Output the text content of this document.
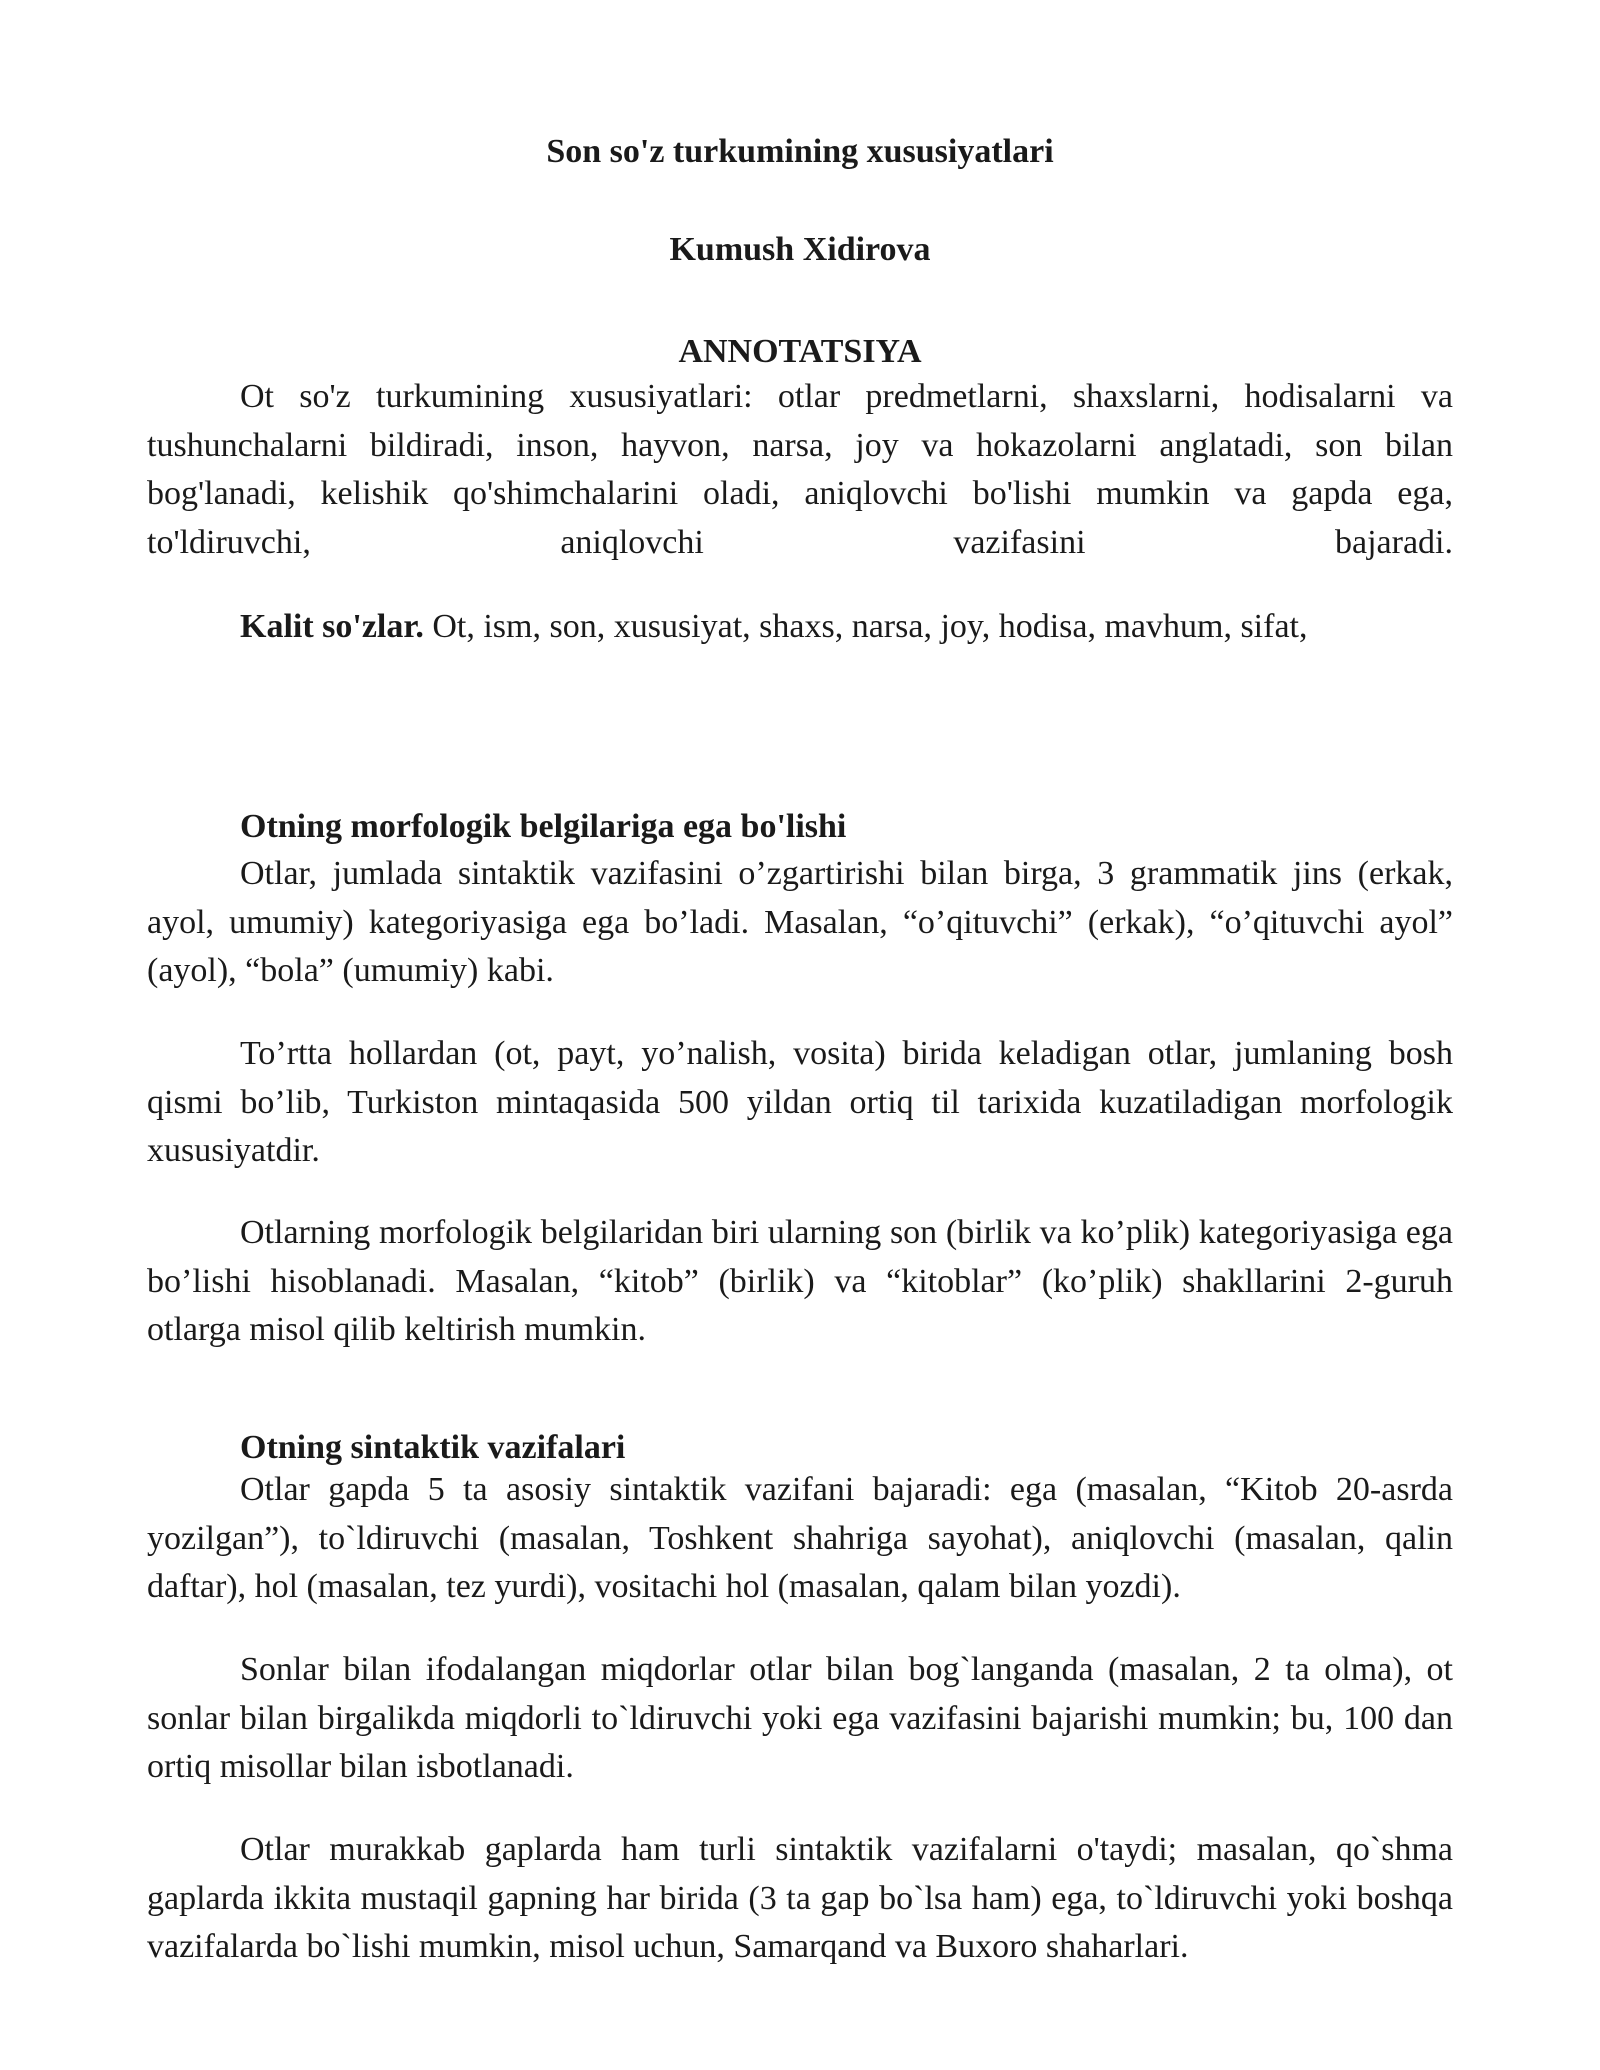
Son so'z turkumining xususiyatlari

Kumush Xidirova

ANNOTATSIYA

Ot so'z turkumining xususiyatlari: otlar predmetlarni, shaxslarni, hodisalarni va tushunchalarni bildiradi, inson, hayvon, narsa, joy va hokazolarni anglatadi, son bilan bog'lanadi, kelishik qo'shimchalarini oladi, aniqlovchi bo'lishi mumkin va gapda ega, to'ldiruvchi, aniqlovchi vazifasini bajaradi.

Kalit so'zlar. Ot, ism, son, xususiyat, shaxs, narsa, joy, hodisa, mavhum, sifat,

Otning morfologik belgilariga ega bo'lishi

Otlar, jumlada sintaktik vazifasini o’zgartirishi bilan birga, 3 grammatik jins (erkak, ayol, umumiy) kategoriyasiga ega bo’ladi. Masalan, “o’qituvchi” (erkak), “o’qituvchi ayol” (ayol), “bola” (umumiy) kabi.

To’rtta hollardan (ot, payt, yo’nalish, vosita) birida keladigan otlar, jumlaning bosh qismi bo’lib, Turkiston mintaqasida 500 yildan ortiq til tarixida kuzatiladigan morfologik xususiyatdir.

Otlarning morfologik belgilaridan biri ularning son (birlik va ko’plik) kategoriyasiga ega bo’lishi hisoblanadi. Masalan, “kitob” (birlik) va “kitoblar” (ko’plik) shakllarini 2-guruh otlarga misol qilib keltirish mumkin.

Otning sintaktik vazifalari

Otlar gapda 5 ta asosiy sintaktik vazifani bajaradi: ega (masalan, “Kitob 20-asrda yozilgan”), to`ldiruvchi (masalan, Toshkent shahriga sayohat), aniqlovchi (masalan, qalin daftar), hol (masalan, tez yurdi), vositachi hol (masalan, qalam bilan yozdi).

Sonlar bilan ifodalangan miqdorlar otlar bilan bog`langanda (masalan, 2 ta olma), ot sonlar bilan birgalikda miqdorli to`ldiruvchi yoki ega vazifasini bajarishi mumkin; bu, 100 dan ortiq misollar bilan isbotlanadi.

Otlar murakkab gaplarda ham turli sintaktik vazifalarni o'taydi; masalan, qo`shma gaplarda ikkita mustaqil gapning har birida (3 ta gap bo`lsa ham) ega, to`ldiruvchi yoki boshqa vazifalarda bo`lishi mumkin, misol uchun, Samarqand va Buxoro shaharlari.
